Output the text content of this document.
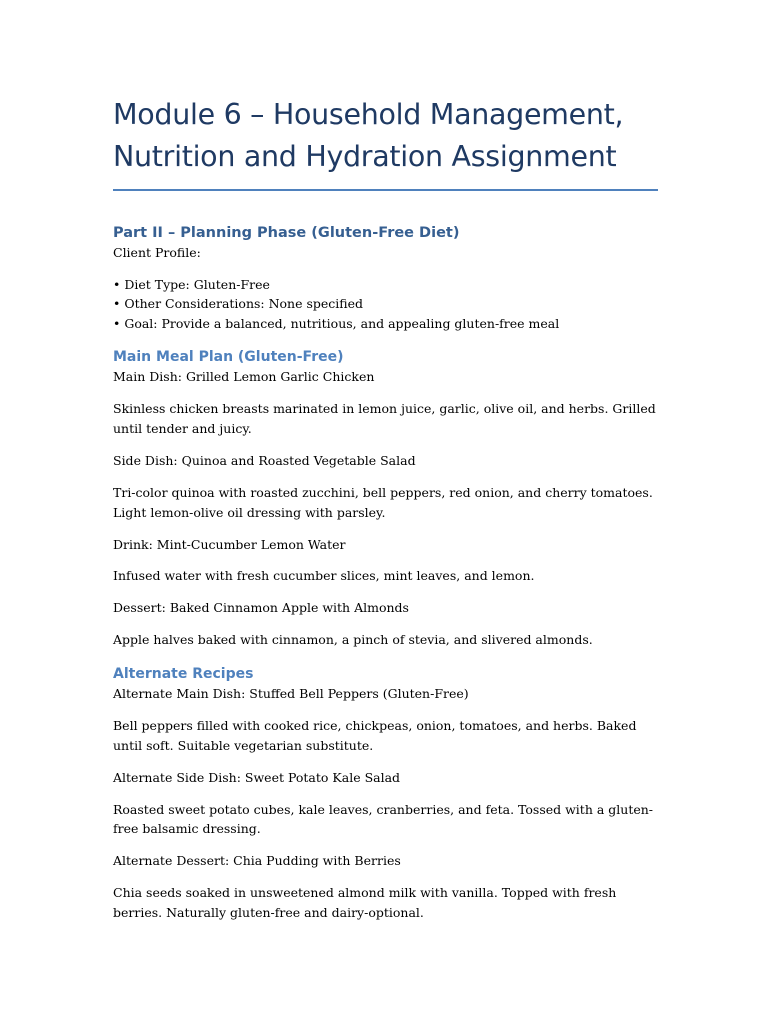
Module 6 – Household Management,
Nutrition and Hydration Assignment
Part II – Planning Phase (Gluten-Free Diet)

Client Profile:

• Diet Type: Gluten-Free
• Other Considerations: None specified
• Goal: Provide a balanced, nutritious, and appealing gluten-free meal
Main Meal Plan (Gluten-Free)

Main Dish: Grilled Lemon Garlic Chicken

Skinless chicken breasts marinated in lemon juice, garlic, olive oil, and herbs. Grilled until tender and juicy.

Side Dish: Quinoa and Roasted Vegetable Salad

Tri-color quinoa with roasted zucchini, bell peppers, red onion, and cherry tomatoes. Light lemon-olive oil dressing with parsley.

Drink: Mint-Cucumber Lemon Water

Infused water with fresh cucumber slices, mint leaves, and lemon.

Dessert: Baked Cinnamon Apple with Almonds

Apple halves baked with cinnamon, a pinch of stevia, and slivered almonds.

Alternate Recipes

Alternate Main Dish: Stuffed Bell Peppers (Gluten-Free)

Bell peppers filled with cooked rice, chickpeas, onion, tomatoes, and herbs. Baked until soft. Suitable vegetarian substitute.

Alternate Side Dish: Sweet Potato Kale Salad

Roasted sweet potato cubes, kale leaves, cranberries, and feta. Tossed with a gluten-free balsamic dressing.

Alternate Dessert: Chia Pudding with Berries

Chia seeds soaked in unsweetened almond milk with vanilla. Topped with fresh berries. Naturally gluten-free and dairy-optional.
